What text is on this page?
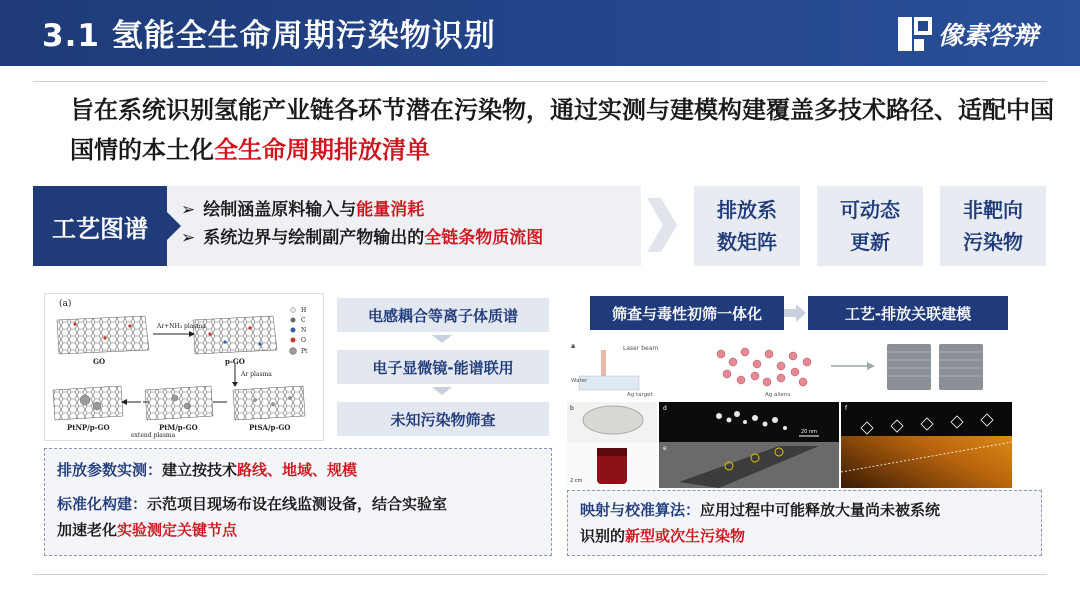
3.1 氢能全生命周期污染物识别	像素答辩
旨在系统识别氢能产业链各环节潜在污染物，通过实测与建模构建覆盖多技术路径、适配中国国情的本土化全生命周期排放清单
工艺图谱
➢ 绘制涵盖原料输入与能量消耗
➢ 系统边界与绘制副产物输出的全链条物质流图
排放系
数矩阵
可动态
更新
非靶向
污染物
(a)
Ar+NH₃ plasma
Ar plasma
extend plasma
GO	p-GO
PtNP/p-GO	PtM/p-GO	PtSA/p-GO
H
C
N
O
Pt
电感耦合等离子体质谱
电子显微镜-能谱联用
未知污染物筛查
排放参数实测：建立按技术路线、地域、规模
标准化构建：示范项目现场布设在线监测设备，结合实验室
加速老化实验测定关键节点
筛查与毒性初筛一体化	工艺-排放关联建模
a	Laser beam
Water
Ag target	Ag aliens
b
2 cm
d
20 nm
e
f
映射与校准算法：应用过程中可能释放大量尚未被系统
识别的新型或次生污染物
